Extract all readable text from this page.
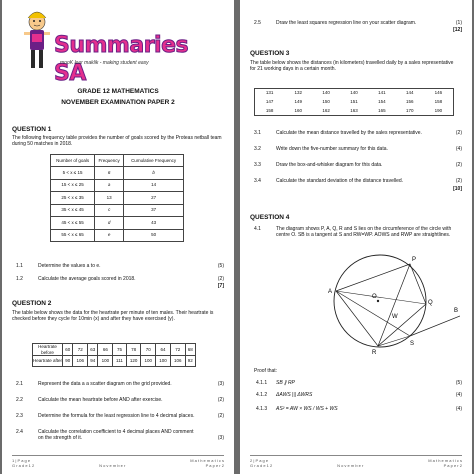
Summaries SA
mooK leer maklik - making student easy
GRADE 12 MATHEMATICS
NOVEMBER EXAMINATION PAPER 2
QUESTION 1
The following frequency table provides the number of goals scored by the Proteas netball team during 50 matches in 2018.
Number of goals	Frequency	Cumulative Frequency
5 < x ≤ 15	6	b
15 < x ≤ 25	a	14
25 < x ≤ 35	13	27
35 < x ≤ 45	c	37
45 < x ≤ 55	d	43
55 < x ≤ 65	e	50
1.1	Determine the values a to e.	(5)
1.2	Calculate the average goals scored in 2018.	(2)
[7]
QUESTION 2
The table below shows the data for the heartrate per minute of ten males. Their heartrate is checked before they cycle for 10min (x) and after they have exercised (y).
Heartrate before	60	72	63	66	75	78	70	64	72	68
Heartrate after	90	106	94	100	111	120	100	100	106	92
2.1	Represent the data a a scatter diagram on the grid provided.	(3)
2.2	Calculate the mean heartrate before AND after exercise.	(2)
2.3	Determine the formula for the least regression line to 4 decimal places.	(2)
2.4	Calculate the correlation coefficient to 4 decimal places AND comment on the strength of it.	(3)
1 | P a g e
G r a d e 1 2	N o v e m b e r
M a t h e m a t i c s
P a p e r 2
2.5	Draw the least squares regression line on your scatter diagram.	(1)
[12]
QUESTION 3
The table below shows the distances (in kilometers) travelled daily by a sales representative for 21 working days in a certain month.
131	132	140	140	141	144	146
147	149	150	151	154	156	158
158	160	162	163	165	170	190
3.1	Calculate the mean distance travelled by the sales representative.	(2)
3.2	Write down the five-number summary for this data.	(4)
3.3	Draw the box-and-whisker diagram for this data.	(2)
3.4	Calculate the standard deviation of the distance travelled.	(2)
[10]
QUESTION 4
4.1	The diagram shows P, A, Q, R and S lies on the circumference of the circle with centre O. SB is a tangent at S and RW=WP. AOWS and RWP are straightlines.
P
A
Q
R
S
O
W
B
Proof that:
4.1.1 SB ∥ RP	(5)
4.1.2 ΔAWS ||| ΔWRS	(4)
4.1.3 AS² = AW × WS / WS + WS	(4)
2 | P a g e
G r a d e 1 2	N o v e m b e r
M a t h e m a t i c s
P a p e r 2
